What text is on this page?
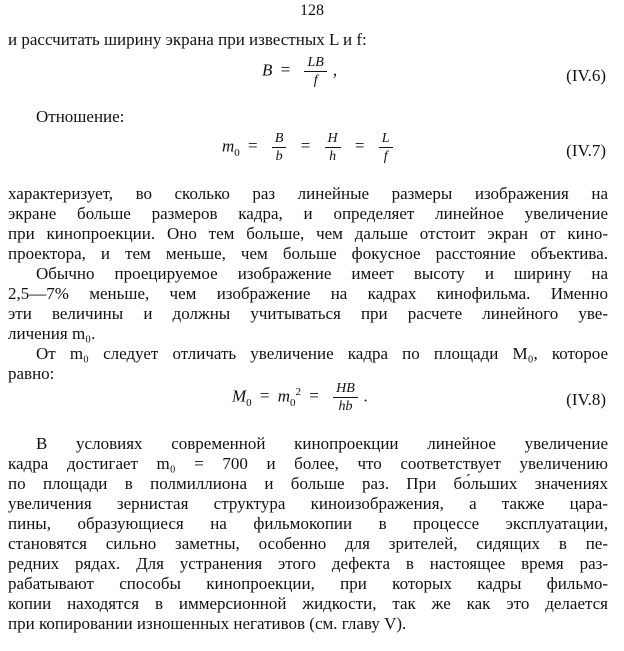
128
и рассчитать ширину экрана при известных L и f:
$B = \frac{LB}{f}$ ,	(IV.6)
Отношение:
$m_0 = \frac{B}{b} = \frac{H}{h} = \frac{L}{f}$	(IV.7)
характеризует, во сколько раз линейные размеры изображения на
экране больше размеров кадра, и определяет линейное увеличение
при кинопроекции. Оно тем больше, чем дальше отстоит экран от кино-
проектора, и тем меньше, чем больше фокусное расстояние объектива.
Обычно проецируемое изображение имеет высоту и ширину на
2,5—7% меньше, чем изображение на кадрах кинофильма. Именно
эти величины и должны учитываться при расчете линейного уве-
личения m₀.
От m₀ следует отличать увеличение кадра по площади M₀, которое
равно:
$M_0 = m_0^2 = \frac{HB}{hb}$ .	(IV.8)
В условиях современной кинопроекции линейное увеличение
кадра достигает m₀ = 700 и более, что соответствует увеличению
по площади в полмиллиона и больше раз. При бо́льших значениях
увеличения зернистая структура киноизображения, а также цара-
пины, образующиеся на фильмокопии в процессе эксплуатации,
становятся сильно заметны, особенно для зрителей, сидящих в пе-
редних рядах. Для устранения этого дефекта в настоящее время раз-
рабатывают способы кинопроекции, при которых кадры фильмо-
копии находятся в иммерсионной жидкости, так же как это делается
при копировании изношенных негативов (см. главу V).
